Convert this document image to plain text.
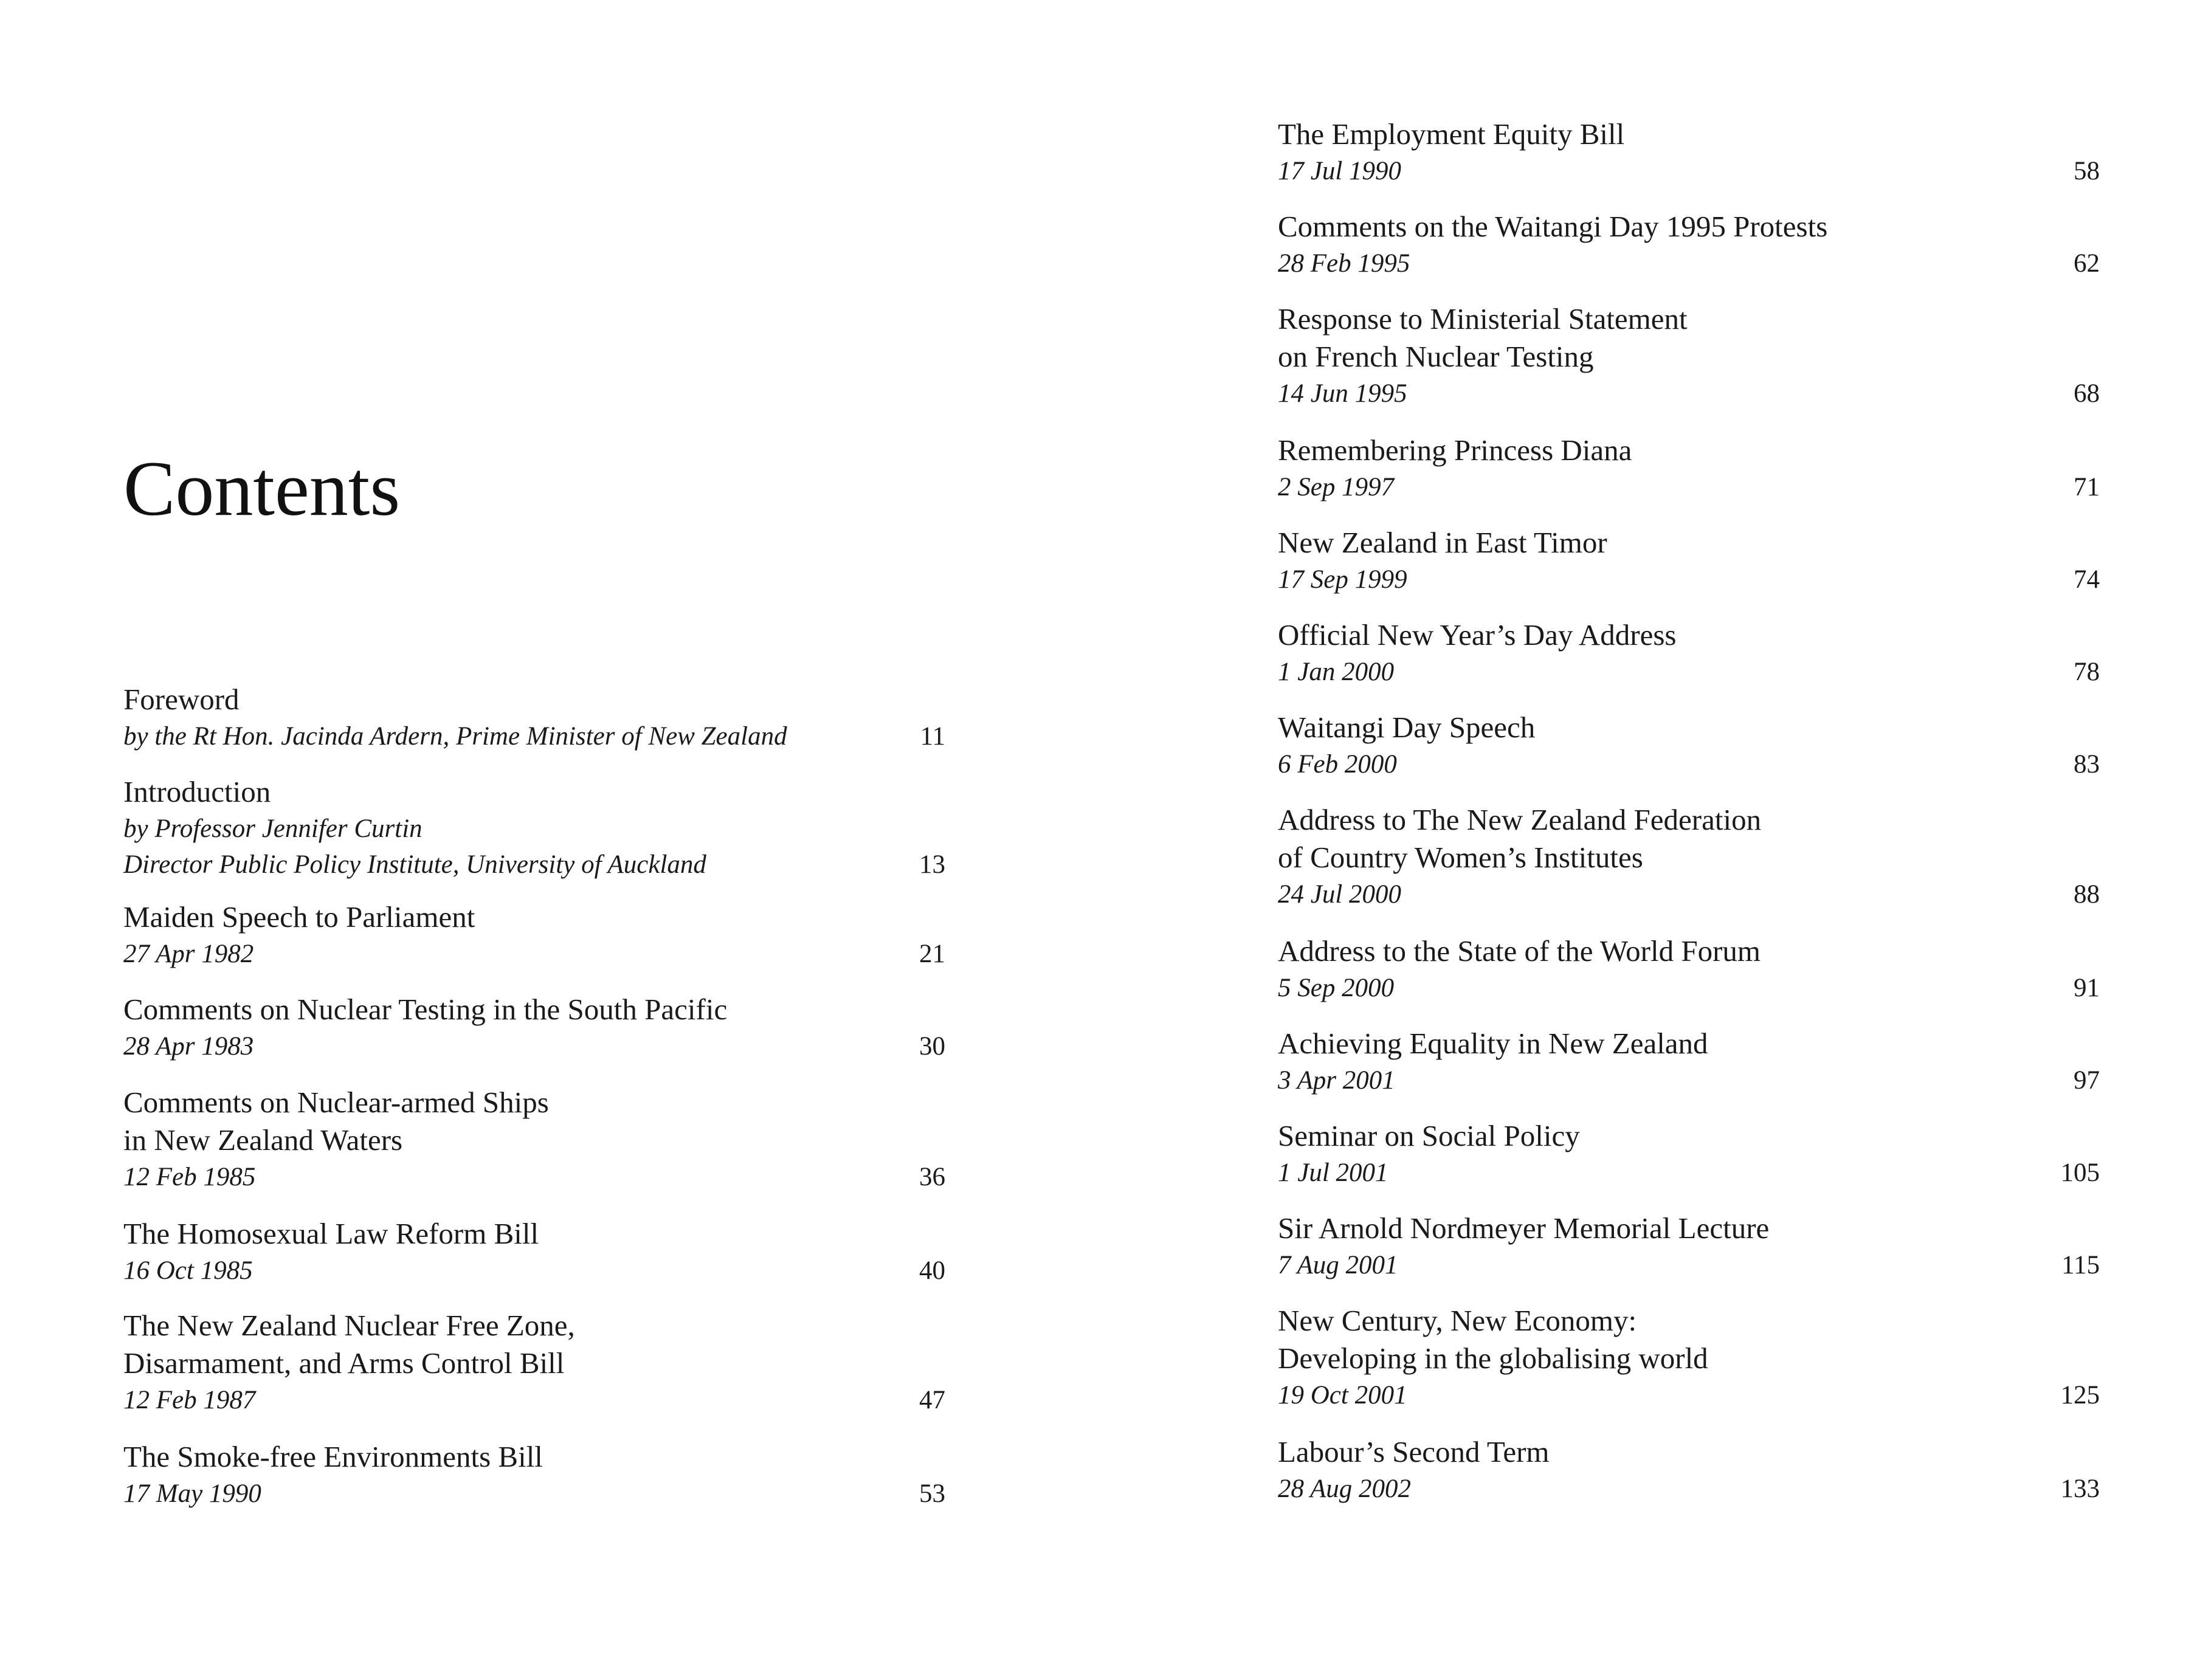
Contents
Foreword
by the Rt Hon. Jacinda Ardern, Prime Minister of New Zealand	11
Introduction
by Professor Jennifer Curtin
Director Public Policy Institute, University of Auckland	13
Maiden Speech to Parliament
27 Apr 1982	21
Comments on Nuclear Testing in the South Pacific
28 Apr 1983	30
Comments on Nuclear-armed Ships
in New Zealand Waters
12 Feb 1985	36
The Homosexual Law Reform Bill
16 Oct 1985	40
The New Zealand Nuclear Free Zone,
Disarmament, and Arms Control Bill
12 Feb 1987	47
The Smoke-free Environments Bill
17 May 1990	53
The Employment Equity Bill
17 Jul 1990	58
Comments on the Waitangi Day 1995 Protests
28 Feb 1995	62
Response to Ministerial Statement
on French Nuclear Testing
14 Jun 1995	68
Remembering Princess Diana
2 Sep 1997	71
New Zealand in East Timor
17 Sep 1999	74
Official New Year’s Day Address
1 Jan 2000	78
Waitangi Day Speech
6 Feb 2000	83
Address to The New Zealand Federation
of Country Women’s Institutes
24 Jul 2000	88
Address to the State of the World Forum
5 Sep 2000	91
Achieving Equality in New Zealand
3 Apr 2001	97
Seminar on Social Policy
1 Jul 2001	105
Sir Arnold Nordmeyer Memorial Lecture
7 Aug 2001	115
New Century, New Economy:
Developing in the globalising world
19 Oct 2001	125
Labour’s Second Term
28 Aug 2002	133
